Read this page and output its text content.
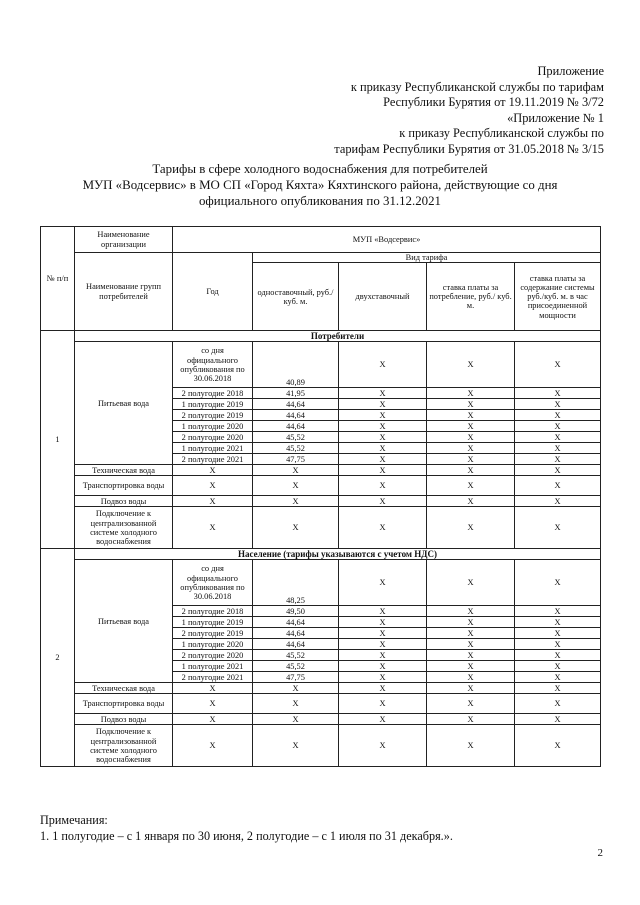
Приложение
к приказу Республиканской службы по тарифам
Республики Бурятия от 19.11.2019 № 3/72
«Приложение № 1
к приказу Республиканской службы по
тарифам Республики Бурятия от 31.05.2018 № 3/15
Тарифы в сфере холодного водоснабжения для потребителей
МУП «Водсервис» в МО СП «Город Кяхта» Кяхтинского района, действующие со дня
официального опубликования по 31.12.2021
№ п/п	Наименование организации	МУП «Водсервис»				
	Наименование групп потребителей	Год	Вид тарифа			
			одноставочный, руб./ куб. м.	двухставочный	ставка платы за потребление, руб./ куб. м.	ставка платы за содержание системы руб./куб. м. в час присоединенной мощности
1	Потребители					
	Питьевая вода	со дня официального опубликования по 30.06.2018	40,89	Х	Х	Х
		2 полугодие 2018	41,95	Х	Х	Х
		1 полугодие 2019	44,64	Х	Х	Х
		2 полугодие 2019	44,64	Х	Х	Х
		1 полугодие 2020	44,64	Х	Х	Х
		2 полугодие 2020	45,52	Х	Х	Х
		1 полугодие 2021	45,52	Х	Х	Х
		2 полугодие 2021	47,75	Х	Х	Х
	Техническая вода	Х	Х	Х	Х	Х
	Транспортировка воды	Х	Х	Х	Х	Х
	Подвоз воды	Х	Х	Х	Х	Х
	Подключение к централизованной системе холодного водоснабжения	Х	Х	Х	Х	Х
2	Население (тарифы указываются с учетом НДС)					
	Питьевая вода	со дня официального опубликования по 30.06.2018	48,25	Х	Х	Х
		2 полугодие 2018	49,50	Х	Х	Х
		1 полугодие 2019	44,64	Х	Х	Х
		2 полугодие 2019	44,64	Х	Х	Х
		1 полугодие 2020	44,64	Х	Х	Х
		2 полугодие 2020	45,52	Х	Х	Х
		1 полугодие 2021	45,52	Х	Х	Х
		2 полугодие 2021	47,75	Х	Х	Х
	Техническая вода	Х	Х	Х	Х	Х
	Транспортировка воды	Х	Х	Х	Х	Х
	Подвоз воды	Х	Х	Х	Х	Х
	Подключение к централизованной системе холодного водоснабжения	Х	Х	Х	Х	Х
Примечания:
1. 1 полугодие – с 1 января по 30 июня, 2 полугодие – с 1 июля по 31 декабря.».
2
